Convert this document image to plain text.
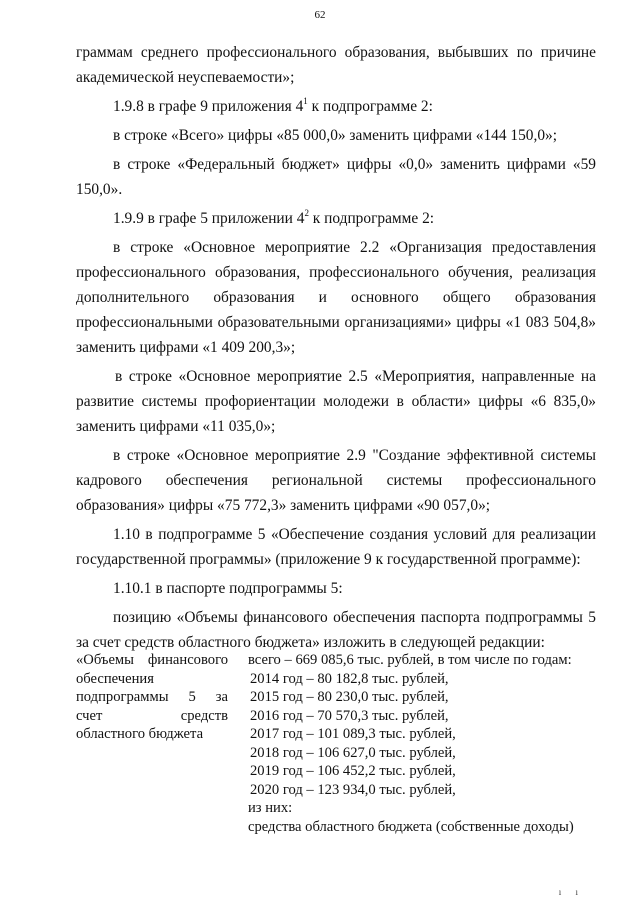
62

граммам среднего профессионального образования, выбывших по причине академической неуспеваемости»;

1.9.8 в графе 9 приложения $4^1$ к подпрограмме 2:

в строке «Всего» цифры «85 000,0» заменить цифрами «144 150,0»;

в строке «Федеральный бюджет» цифры «0,0» заменить цифрами «59 150,0».

1.9.9 в графе 5 приложении $4^2$ к подпрограмме 2:

в строке «Основное мероприятие 2.2 «Организация предоставления профессионального образования, профессионального обучения, реализация дополнительного образования и основного общего образования профессиональными образовательными организациями» цифры «1 083 504,8» заменить цифрами «1 409 200,3»;

в строке «Основное мероприятие 2.5 «Мероприятия, направленные на развитие системы профориентации молодежи в области» цифры «6 835,0» заменить цифрами «11 035,0»;

в строке «Основное мероприятие 2.9 "Создание эффективной системы кадрового обеспечения региональной системы профессионального образования» цифры «75 772,3» заменить цифрами «90 057,0»;

1.10 в подпрограмме 5 «Обеспечение создания условий для реализации государственной программы» (приложение 9 к государственной программе):

1.10.1 в паспорте подпрограммы 5:

позицию «Объемы финансового обеспечения паспорта подпрограммы 5 за счет средств областного бюджета» изложить в следующей редакции:

«Объемы финансового
обеспечения
подпрограммы 5 за
счет средств
областного бюджета
всего – 669 085,6 тыс. рублей, в том числе по годам:
2014 год – 80 182,8 тыс. рублей,
2015 год – 80 230,0 тыс. рублей,
2016 год – 70 570,3 тыс. рублей,
2017 год – 101 089,3 тыс. рублей,
2018 год – 106 627,0 тыс. рублей,
2019 год – 106 452,2 тыс. рублей,
2020 год – 123 934,0 тыс. рублей,
из них:
средства областного бюджета (собственные доходы)
ı ı
